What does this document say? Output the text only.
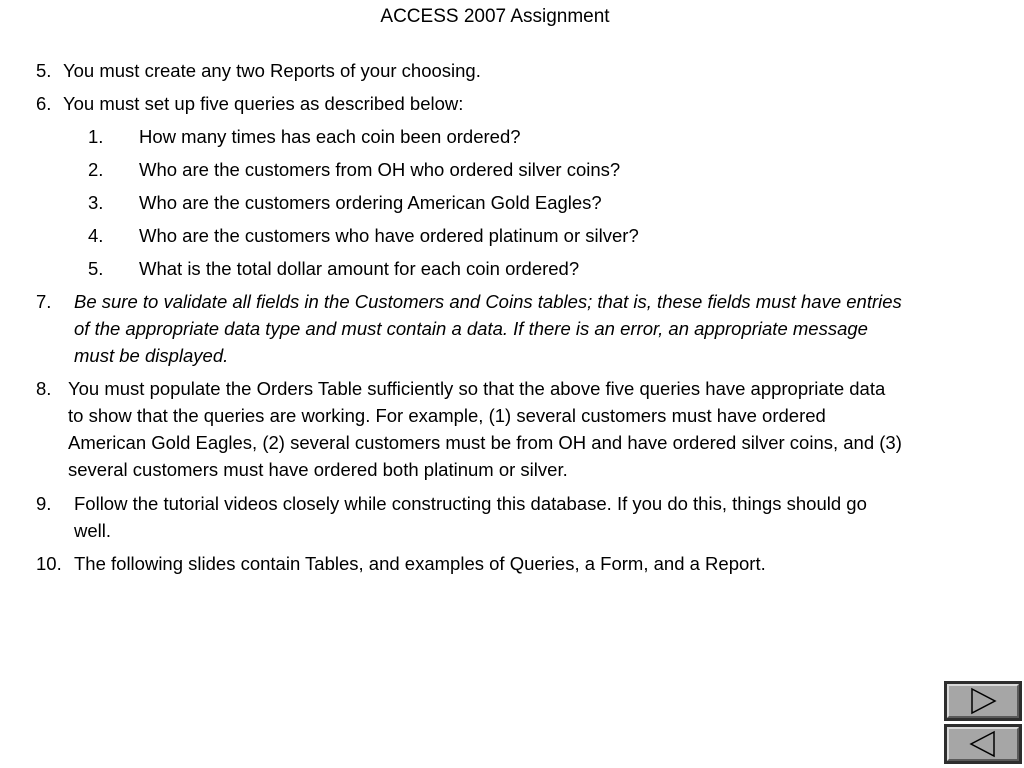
ACCESS 2007 Assignment
5. You must create any two Reports of your choosing.
6. You must set up five queries as described below:
1. How many times has each coin been ordered?
2. Who are the customers from OH who ordered silver coins?
3. Who are the customers ordering American Gold Eagles?
4. Who are the customers who have ordered platinum or silver?
5. What is the total dollar amount for each coin ordered?
7. Be sure to validate all fields in the Customers and Coins tables; that is, these fields must have entries
of the appropriate data type and must contain a data. If there is an error, an appropriate message
must be displayed.
8. You must populate the Orders Table sufficiently so that the above five queries have appropriate data
to show that the queries are working. For example, (1) several customers must have ordered
American Gold Eagles, (2) several customers must be from OH and have ordered silver coins, and (3)
several customers must have ordered both platinum or silver.
9. Follow the tutorial videos closely while constructing this database. If you do this, things should go
well.
10. The following slides contain Tables, and examples of Queries, a Form, and a Report.
